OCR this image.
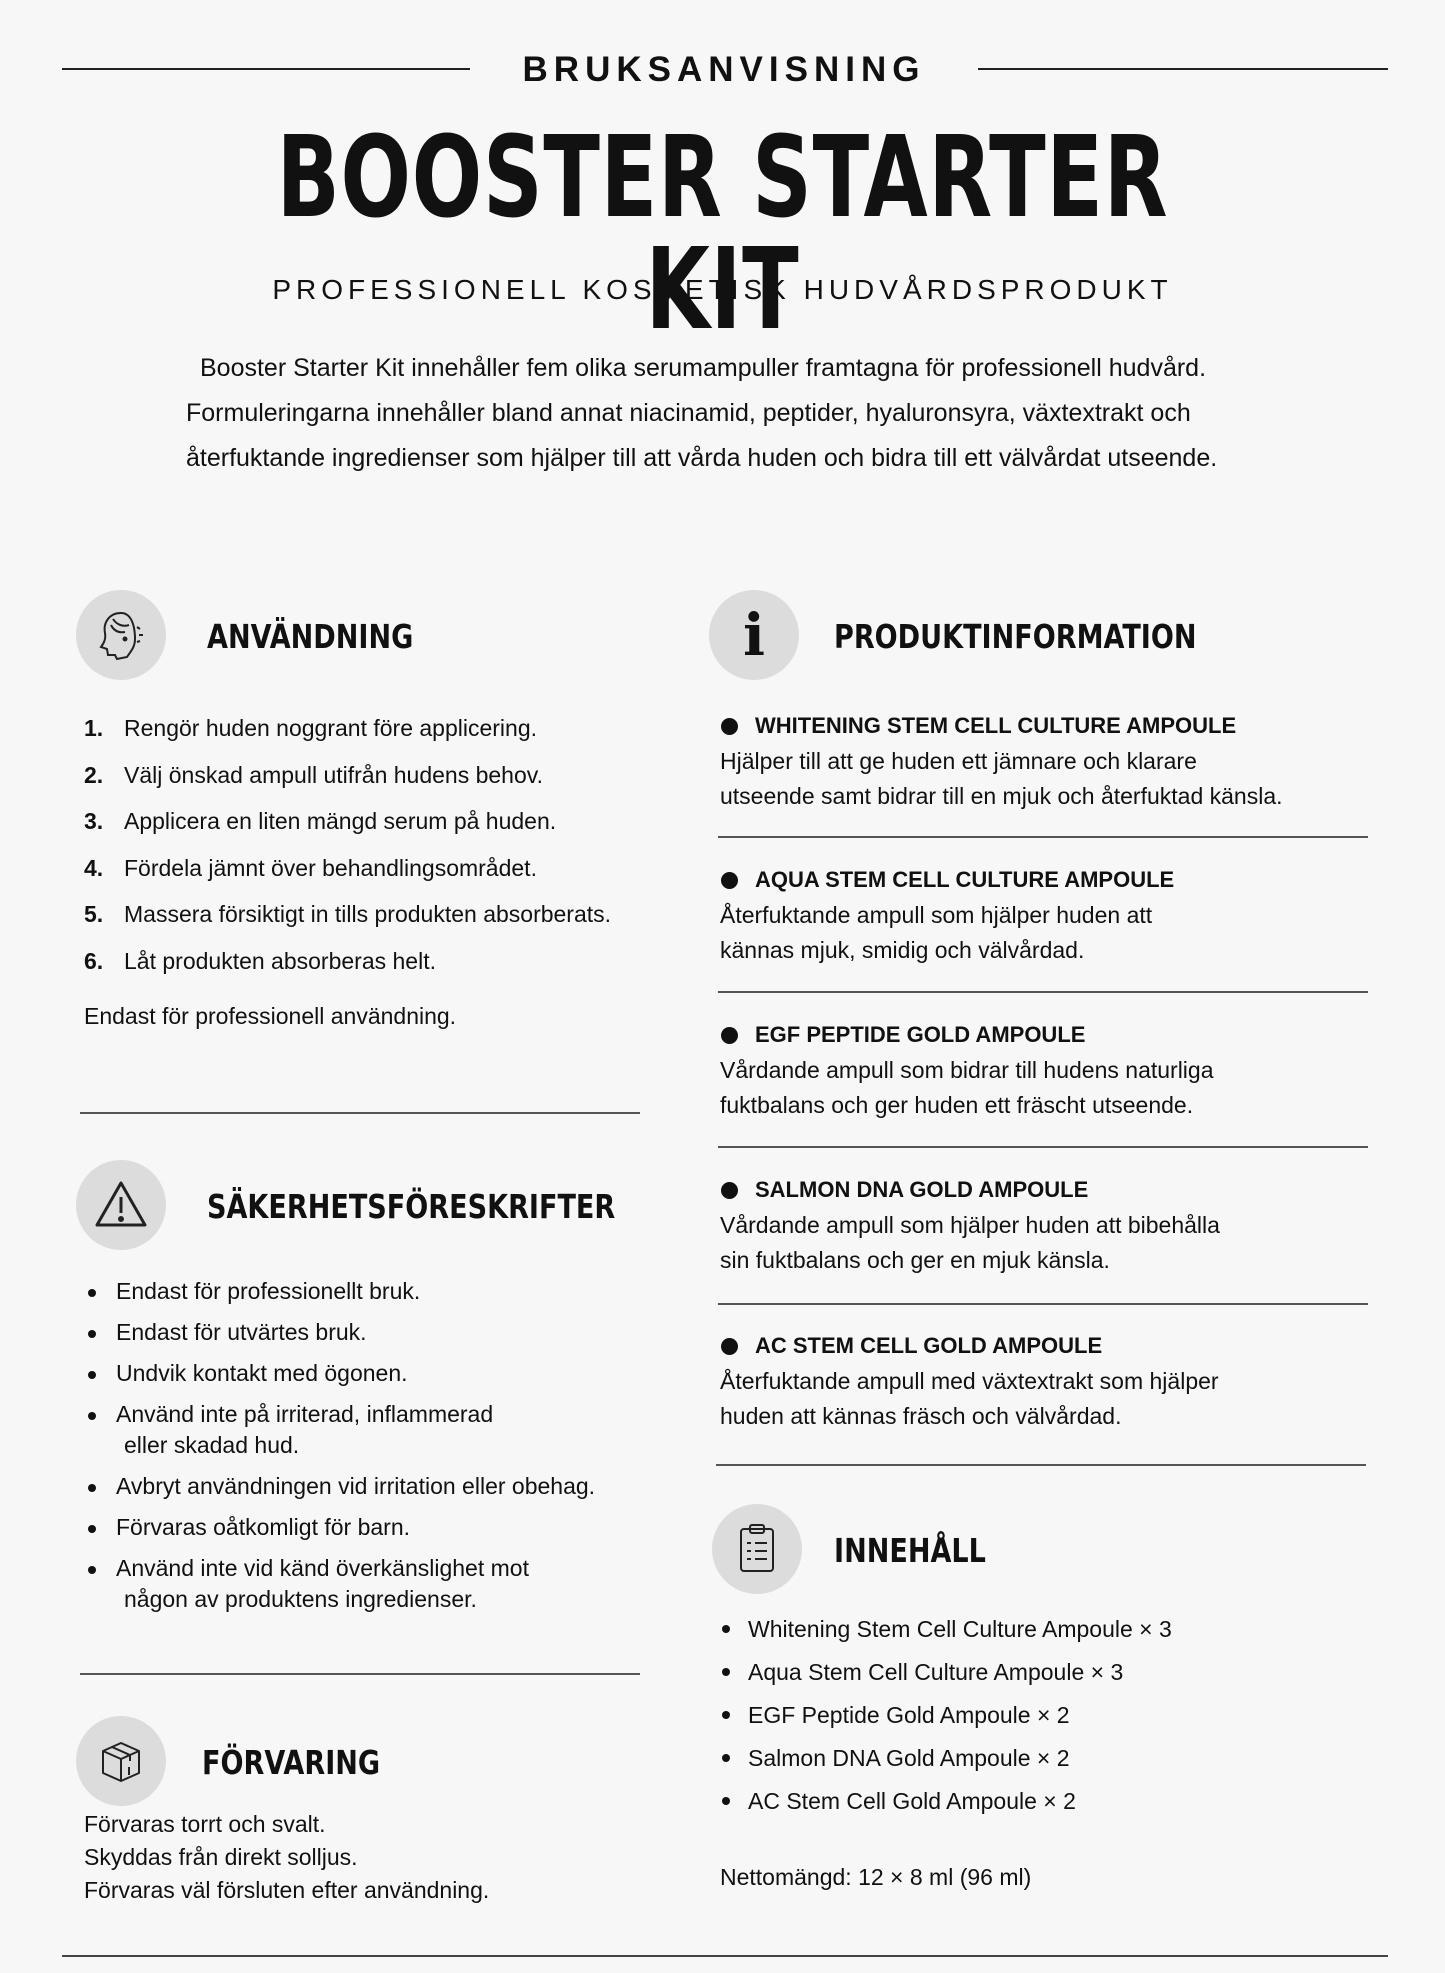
BRUKSANVISNING
BOOSTER STARTER KIT
PROFESSIONELL KOSMETISK HUDVÅRDSPRODUKT

Booster Starter Kit innehåller fem olika serumampuller framtagna för professionell hudvård. Formuleringarna innehåller bland annat niacinamid, peptider, hyaluronsyra, växtextrakt och återfuktande ingredienser som hjälper till att vårda huden och bidra till ett välvårdat utseende.

ANVÄNDNING
1. Rengör huden noggrant före applicering.
2. Välj önskad ampull utifrån hudens behov.
3. Applicera en liten mängd serum på huden.
4. Fördela jämnt över behandlingsområdet.
5. Massera försiktigt in tills produkten absorberats.
6. Låt produkten absorberas helt.
Endast för professionell användning.
SÄKERHETSFÖRESKRIFTER
Endast för professionellt bruk.
Endast för utvärtes bruk.
Undvik kontakt med ögonen.
Använd inte på irriterad, inflammerad
eller skadad hud.
Avbryt användningen vid irritation eller obehag.
Förvaras oåtkomligt för barn.
Använd inte vid känd överkänslighet mot
någon av produktens ingredienser.
FÖRVARING
Förvaras torrt och svalt.
Skyddas från direkt solljus.
Förvaras väl försluten efter användning.
i PRODUKTINFORMATION
WHITENING STEM CELL CULTURE AMPOULE
Hjälper till att ge huden ett jämnare och klarare
utseende samt bidrar till en mjuk och återfuktad känsla.
AQUA STEM CELL CULTURE AMPOULE
Återfuktande ampull som hjälper huden att
kännas mjuk, smidig och välvårdad.
EGF PEPTIDE GOLD AMPOULE
Vårdande ampull som bidrar till hudens naturliga
fuktbalans och ger huden ett fräscht utseende.
SALMON DNA GOLD AMPOULE
Vårdande ampull som hjälper huden att bibehålla
sin fuktbalans och ger en mjuk känsla.
AC STEM CELL GOLD AMPOULE
Återfuktande ampull med växtextrakt som hjälper
huden att kännas fräsch och välvårdad.
INNEHÅLL
Whitening Stem Cell Culture Ampoule × 3
Aqua Stem Cell Culture Ampoule × 3
EGF Peptide Gold Ampoule × 2
Salmon DNA Gold Ampoule × 2
AC Stem Cell Gold Ampoule × 2
Nettomängd: 12 × 8 ml (96 ml)
